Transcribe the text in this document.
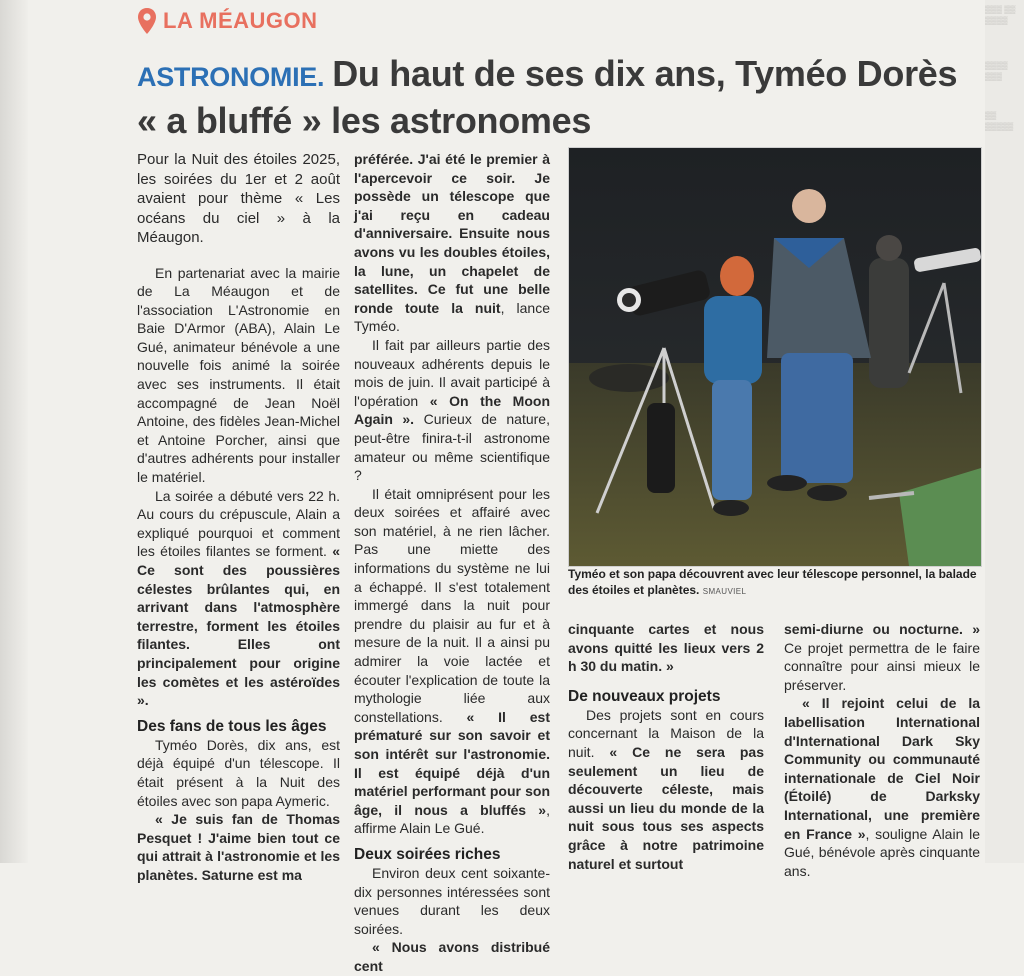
▒▒▒ ▒▒ ▒▒▒▒
▒▒▒▒ ▒▒▒
▒▒ ▒▒▒▒▒
LA MÉAUGON
ASTRONOMIE. Du haut de ses dix ans, Tyméo Dorès « a bluffé » les astronomes

Pour la Nuit des étoiles 2025, les soirées du 1er et 2 août avaient pour thème « Les océans du ciel » à la Méaugon.

En partenariat avec la mairie de La Méaugon et de l'association L'Astronomie en Baie D'Armor (ABA), Alain Le Gué, animateur bénévole a une nouvelle fois animé la soirée avec ses instruments. Il était accompagné de Jean Noël Antoine, des fidèles Jean-Michel et Antoine Porcher, ainsi que d'autres adhérents pour installer le matériel.

La soirée a débuté vers 22 h. Au cours du crépuscule, Alain a expliqué pourquoi et comment les étoiles filantes se forment. « Ce sont des poussières célestes brûlantes qui, en arrivant dans l'atmosphère terrestre, forment les étoiles filantes. Elles ont principalement pour origine les comètes et les astéroïdes ».

Des fans de tous les âges

Tyméo Dorès, dix ans, est déjà équipé d'un télescope. Il était présent à la Nuit des étoiles avec son papa Aymeric.

« Je suis fan de Thomas Pesquet ! J'aime bien tout ce qui attrait à l'astronomie et les planètes. Saturne est ma

préférée. J'ai été le premier à l'apercevoir ce soir. Je possède un télescope que j'ai reçu en cadeau d'anniversaire. Ensuite nous avons vu les doubles étoiles, la lune, un chapelet de satellites. Ce fut une belle ronde toute la nuit, lance Tyméo.

Il fait par ailleurs partie des nouveaux adhérents depuis le mois de juin. Il avait participé à l'opération « On the Moon Again ». Curieux de nature, peut-être finira-t-il astronome amateur ou même scientifique ?

Il était omniprésent pour les deux soirées et affairé avec son matériel, à ne rien lâcher. Pas une miette des informations du système ne lui a échappé. Il s'est totalement immergé dans la nuit pour prendre du plaisir au fur et à mesure de la nuit. Il a ainsi pu admirer la voie lactée et écouter l'explication de toute la mythologie liée aux constellations. « Il est prématuré sur son savoir et son intérêt sur l'astronomie. Il est équipé déjà d'un matériel performant pour son âge, il nous a bluffés », affirme Alain Le Gué.

Deux soirées riches

Environ deux cent soixante-dix personnes intéressées sont venues durant les deux soirées.

« Nous avons distribué cent

Tyméo et son papa découvrent avec leur télescope personnel, la balade des étoiles et planètes. SMAUVIEL

cinquante cartes et nous avons quitté les lieux vers 2 h 30 du matin. »

De nouveaux projets

Des projets sont en cours concernant la Maison de la nuit. « Ce ne sera pas seulement un lieu de découverte céleste, mais aussi un lieu du monde de la nuit sous tous ses aspects grâce à notre patrimoine naturel et surtout

semi-diurne ou nocturne. » Ce projet permettra de le faire connaître pour ainsi mieux le préserver.

« Il rejoint celui de la labellisation International d'International Dark Sky Community ou communauté internationale de Ciel Noir (Étoilé) de Darksky International, une première en France », souligne Alain le Gué, bénévole après cinquante ans.
